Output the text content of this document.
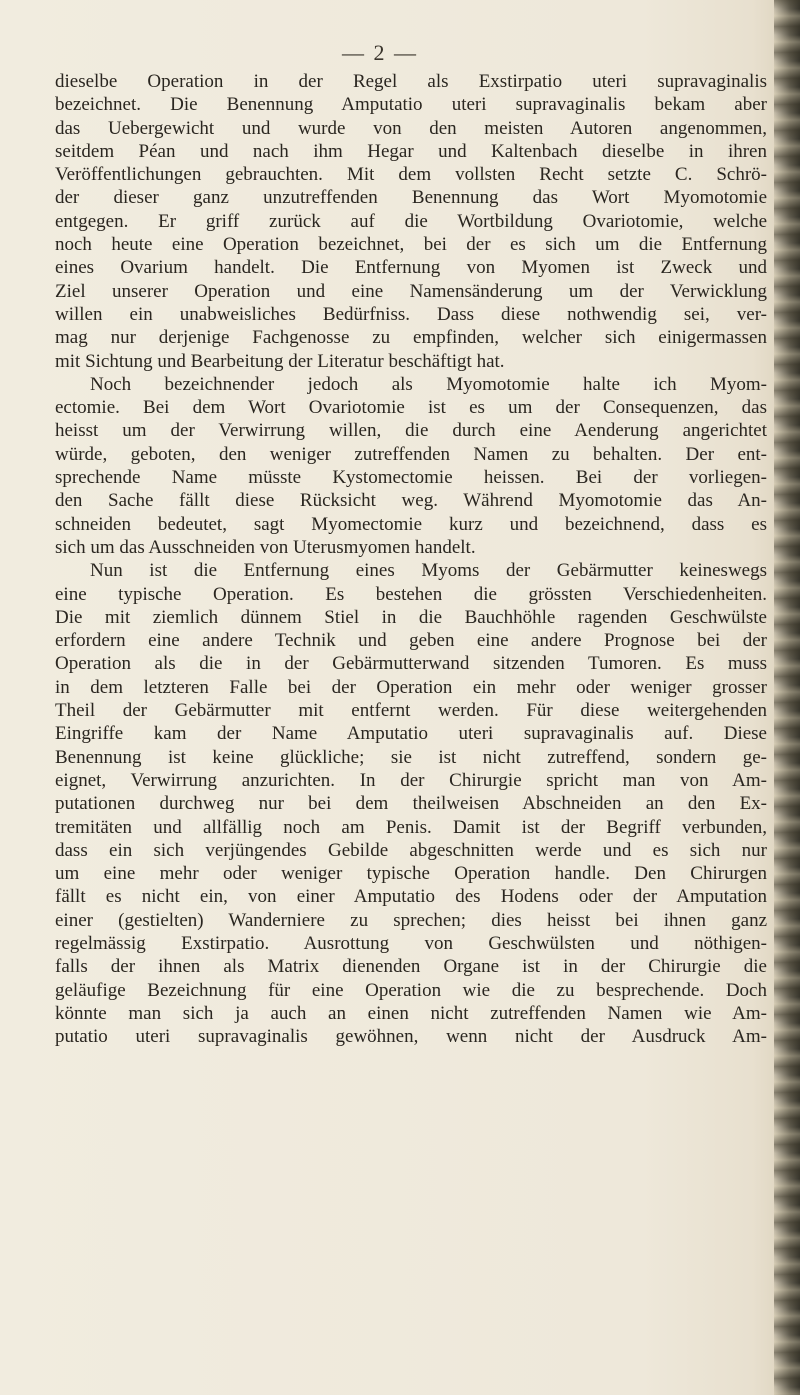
— 2 —
dieselbe Operation in der Regel als Exstirpatio uteri supravaginalis
bezeichnet. Die Benennung Amputatio uteri supravaginalis bekam aber
das Uebergewicht und wurde von den meisten Autoren angenommen,
seitdem Péan und nach ihm Hegar und Kaltenbach dieselbe in ihren
Veröffentlichungen gebrauchten. Mit dem vollsten Recht setzte C. Schrö-
der dieser ganz unzutreffenden Benennung das Wort Myomotomie
entgegen. Er griff zurück auf die Wortbildung Ovariotomie, welche
noch heute eine Operation bezeichnet, bei der es sich um die Entfernung
eines Ovarium handelt. Die Entfernung von Myomen ist Zweck und
Ziel unserer Operation und eine Namensänderung um der Verwicklung
willen ein unabweisliches Bedürfniss. Dass diese nothwendig sei, ver-
mag nur derjenige Fachgenosse zu empfinden, welcher sich einigermassen
mit Sichtung und Bearbeitung der Literatur beschäftigt hat.
Noch bezeichnender jedoch als Myomotomie halte ich Myom-
ectomie. Bei dem Wort Ovariotomie ist es um der Consequenzen, das
heisst um der Verwirrung willen, die durch eine Aenderung angerichtet
würde, geboten, den weniger zutreffenden Namen zu behalten. Der ent-
sprechende Name müsste Kystomectomie heissen. Bei der vorliegen-
den Sache fällt diese Rücksicht weg. Während Myomotomie das An-
schneiden bedeutet, sagt Myomectomie kurz und bezeichnend, dass es
sich um das Ausschneiden von Uterusmyomen handelt.
Nun ist die Entfernung eines Myoms der Gebärmutter keineswegs
eine typische Operation. Es bestehen die grössten Verschiedenheiten.
Die mit ziemlich dünnem Stiel in die Bauchhöhle ragenden Geschwülste
erfordern eine andere Technik und geben eine andere Prognose bei der
Operation als die in der Gebärmutterwand sitzenden Tumoren. Es muss
in dem letzteren Falle bei der Operation ein mehr oder weniger grosser
Theil der Gebärmutter mit entfernt werden. Für diese weitergehenden
Eingriffe kam der Name Amputatio uteri supravaginalis auf. Diese
Benennung ist keine glückliche; sie ist nicht zutreffend, sondern ge-
eignet, Verwirrung anzurichten. In der Chirurgie spricht man von Am-
putationen durchweg nur bei dem theilweisen Abschneiden an den Ex-
tremitäten und allfällig noch am Penis. Damit ist der Begriff verbunden,
dass ein sich verjüngendes Gebilde abgeschnitten werde und es sich nur
um eine mehr oder weniger typische Operation handle. Den Chirurgen
fällt es nicht ein, von einer Amputatio des Hodens oder der Amputation
einer (gestielten) Wanderniere zu sprechen; dies heisst bei ihnen ganz
regelmässig Exstirpatio. Ausrottung von Geschwülsten und nöthigen-
falls der ihnen als Matrix dienenden Organe ist in der Chirurgie die
geläufige Bezeichnung für eine Operation wie die zu besprechende. Doch
könnte man sich ja auch an einen nicht zutreffenden Namen wie Am-
putatio uteri supravaginalis gewöhnen, wenn nicht der Ausdruck Am-
